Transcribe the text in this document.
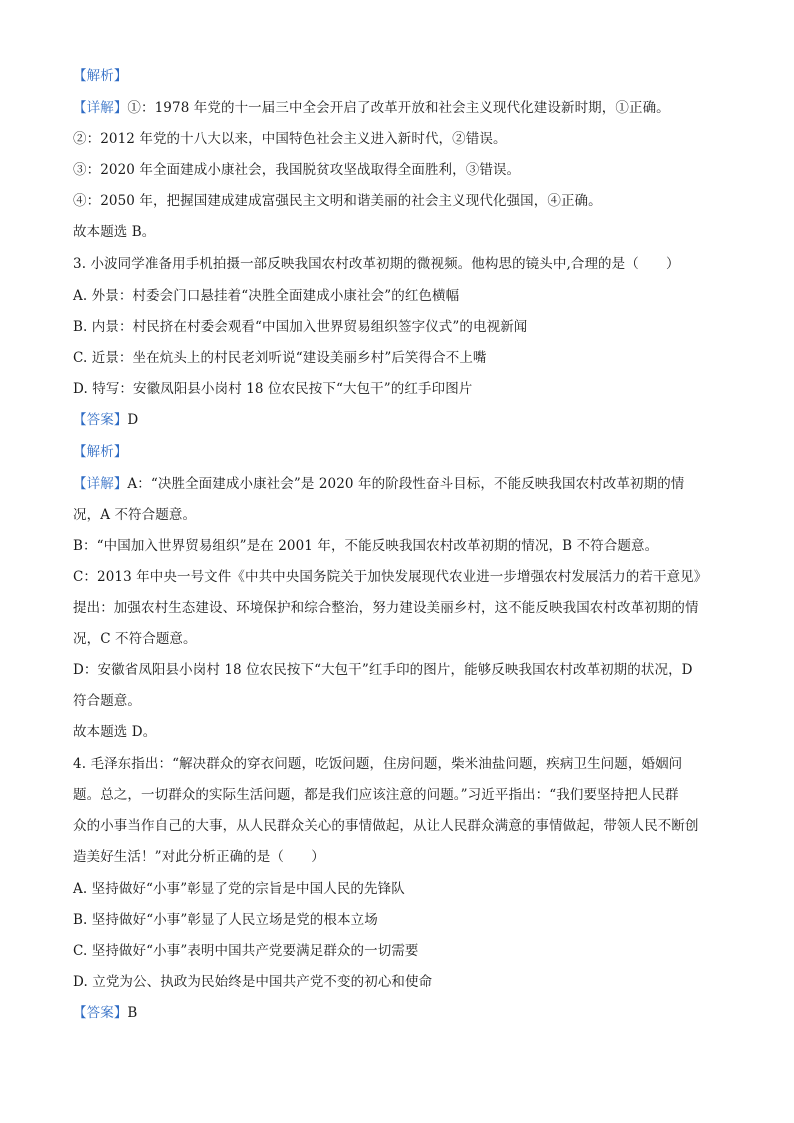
【解析】
【详解】①：1978 年党的十一届三中全会开启了改革开放和社会主义现代化建设新时期，①正确。
②：2012 年党的十八大以来，中国特色社会主义进入新时代，②错误。
③：2020 年全面建成小康社会，我国脱贫攻坚战取得全面胜利，③错误。
④：2050 年，把握国建成建成富强民主文明和谐美丽的社会主义现代化强国，④正确。
故本题选 B。
3. 小波同学准备用手机拍摄一部反映我国农村改革初期的微视频。他构思的镜头中,合理的是（　　）
A. 外景：村委会门口悬挂着“决胜全面建成小康社会”的红色横幅
B. 内景：村民挤在村委会观看“中国加入世界贸易组织签字仪式”的电视新闻
C. 近景：坐在炕头上的村民老刘听说“建设美丽乡村”后笑得合不上嘴
D. 特写：安徽凤阳县小岗村 18 位农民按下“大包干”的红手印图片
【答案】D
【解析】
【详解】A：“决胜全面建成小康社会”是 2020 年的阶段性奋斗目标，不能反映我国农村改革初期的情
况，A 不符合题意。
B：“中国加入世界贸易组织”是在 2001 年，不能反映我国农村改革初期的情况，B 不符合题意。
C：2013 年中央一号文件《中共中央国务院关于加快发展现代农业进一步增强农村发展活力的若干意见》
提出：加强农村生态建设、环境保护和综合整治，努力建设美丽乡村，这不能反映我国农村改革初期的情
况，C 不符合题意。
D：安徽省凤阳县小岗村 18 位农民按下“大包干”红手印的图片，能够反映我国农村改革初期的状况，D
符合题意。
故本题选 D。
4. 毛泽东指出：“解决群众的穿衣问题，吃饭问题，住房问题，柴米油盐问题，疾病卫生问题，婚姻问
题。总之，一切群众的实际生活问题，都是我们应该注意的问题。”习近平指出：“我们要坚持把人民群
众的小事当作自己的大事，从人民群众关心的事情做起，从让人民群众满意的事情做起，带领人民不断创
造美好生活！”对此分析正确的是（　　）
A. 坚持做好“小事”彰显了党的宗旨是中国人民的先锋队
B. 坚持做好“小事”彰显了人民立场是党的根本立场
C. 坚持做好“小事”表明中国共产党要满足群众的一切需要
D. 立党为公、执政为民始终是中国共产党不变的初心和使命
【答案】B
